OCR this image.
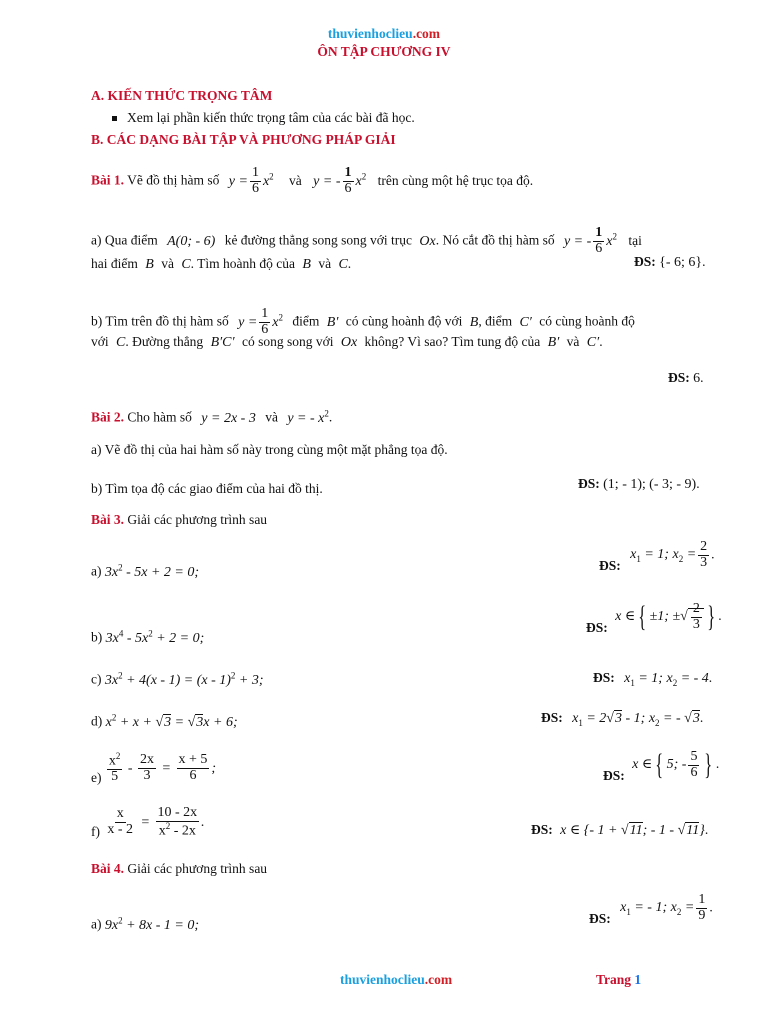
thuvienhoclieu.com
ÔN TẬP CHƯƠNG IV
A. KIẾN THỨC TRỌNG TÂM
Xem lại phần kiến thức trọng tâm của các bài đã học.
B. CÁC DẠNG BÀI TẬP VÀ PHƯƠNG PHÁP GIẢI
Bài 1. Vẽ đồ thị hàm số $y = \frac{1}{6} x^2$ và y = - $\frac{1}{6} x^2$ trên cùng một hệ trục tọa độ.
a) Qua điểm A(0; - 6) kẻ đường thẳng song song với trục Ox. Nó cắt đồ thị hàm số y = - $\frac{1}{6} x^2$ tại
hai điểm B và C. Tìm hoành độ của B và C.	ĐS: {- 6; 6}.
b) Tìm trên đồ thị hàm số $y = \frac{1}{6} x^2$ điểm B′ có cùng hoành độ với B, điểm C′ có cùng hoành độ
với C. Đường thẳng B′C′ có song song với Ox không? Vì sao? Tìm tung độ của B′ và C′.
ĐS: 6.
Bài 2. Cho hàm số y = 2x - 3 và y = - $x^2$.
a) Vẽ đồ thị của hai hàm số này trong cùng một mặt phẳng tọa độ.
b) Tìm tọa độ các giao điểm của hai đồ thị.	ĐS: (1; - 1); (- 3; - 9).
Bài 3. Giải các phương trình sau
a) $3x^2 - 5x + 2 = 0$;	ĐS: $x_1 = 1$; $x_2 = \frac{2}{3}$ .
b) $3x^4 - 5x^2 + 2 = 0$;
ĐS: x ∈ { ±1; ±√ $\frac{2}{3}$ } .
c) $3x^2 + 4(x - 1) = (x - 1)^2 + 3$;	ĐS: $x_1 = 1$; $x_2$ = - 4.
d) $x^2 + x + √3 = √3x + 6$;	ĐS: $x_1 = 2√3 - 1$; $x_2$ = - √3.
$e) \frac{x^2}{5} - \frac{2x}{3} = \frac{x + 5}{6}$ ;	ĐS: x ∈ { 5; - $\frac{5}{6}$ } .
$f) \frac{x}{x - 2} = \frac{10 - 2x}{x^2 - 2x}$ .	ĐS: x ∈ {- 1 + √11; - 1 - √11}.
Bài 4. Giải các phương trình sau
a) $9x^2 + 8x - 1 = 0$;	ĐS: $x_1$ = - 1; $x_2 = \frac{1}{9}$ .
thuvienhoclieu.com	Trang 1
